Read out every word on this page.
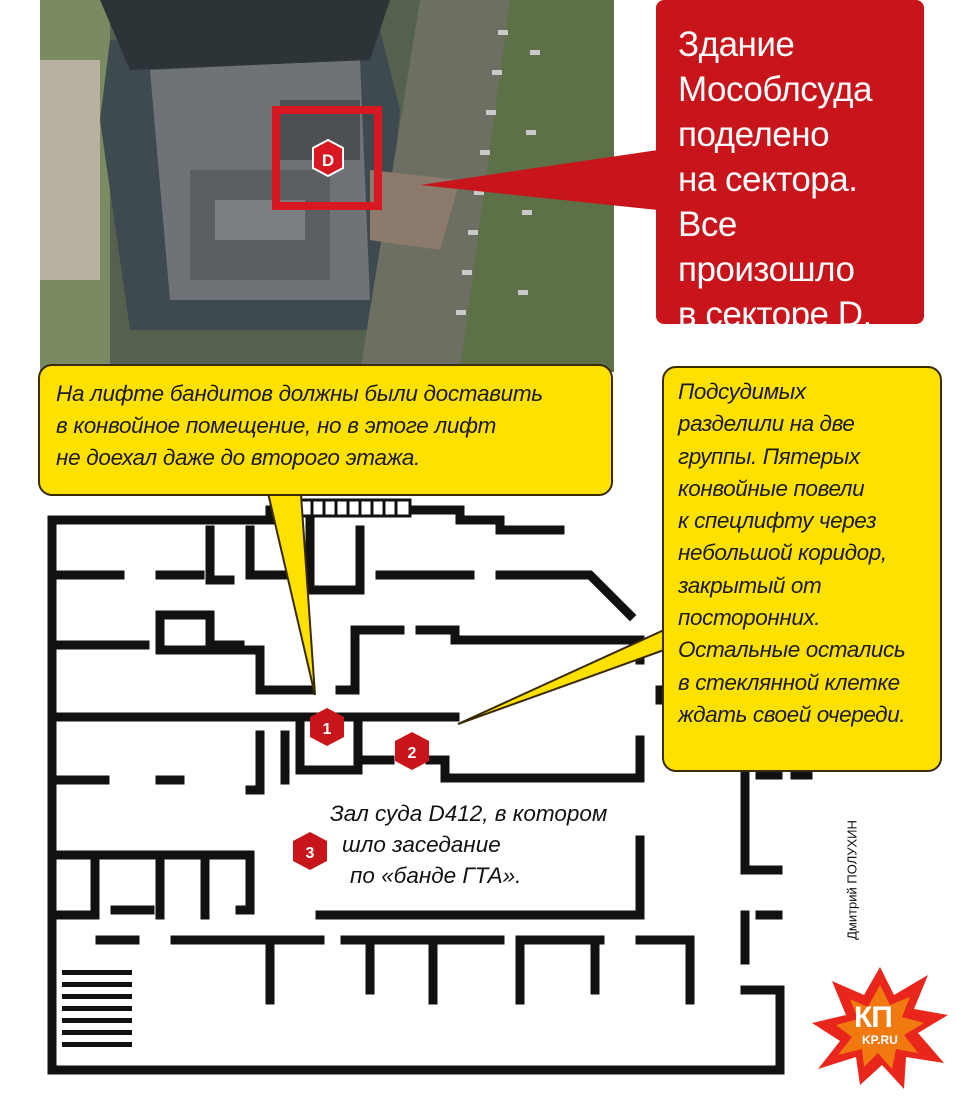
D
Здание
Мособлсуда
поделено
на сектора.
Все произошло
в секторе D.
1
2
3
На лифте бандитов должны были доставить
в конвойное помещение, но в этоге лифт
не доехал даже до второго этажа.
Подсудимых
разделили на две
группы. Пятерых
конвойные повели
к спецлифту через
небольшой коридор,
закрытый от
посторонних.
Остальные остались
в стеклянной клетке
ждать своей очереди.
Зал суда D412, в котором
шло заседание
по «банде ГТА».	Дмитрий ПОЛУХИН
КП
KP.RU
